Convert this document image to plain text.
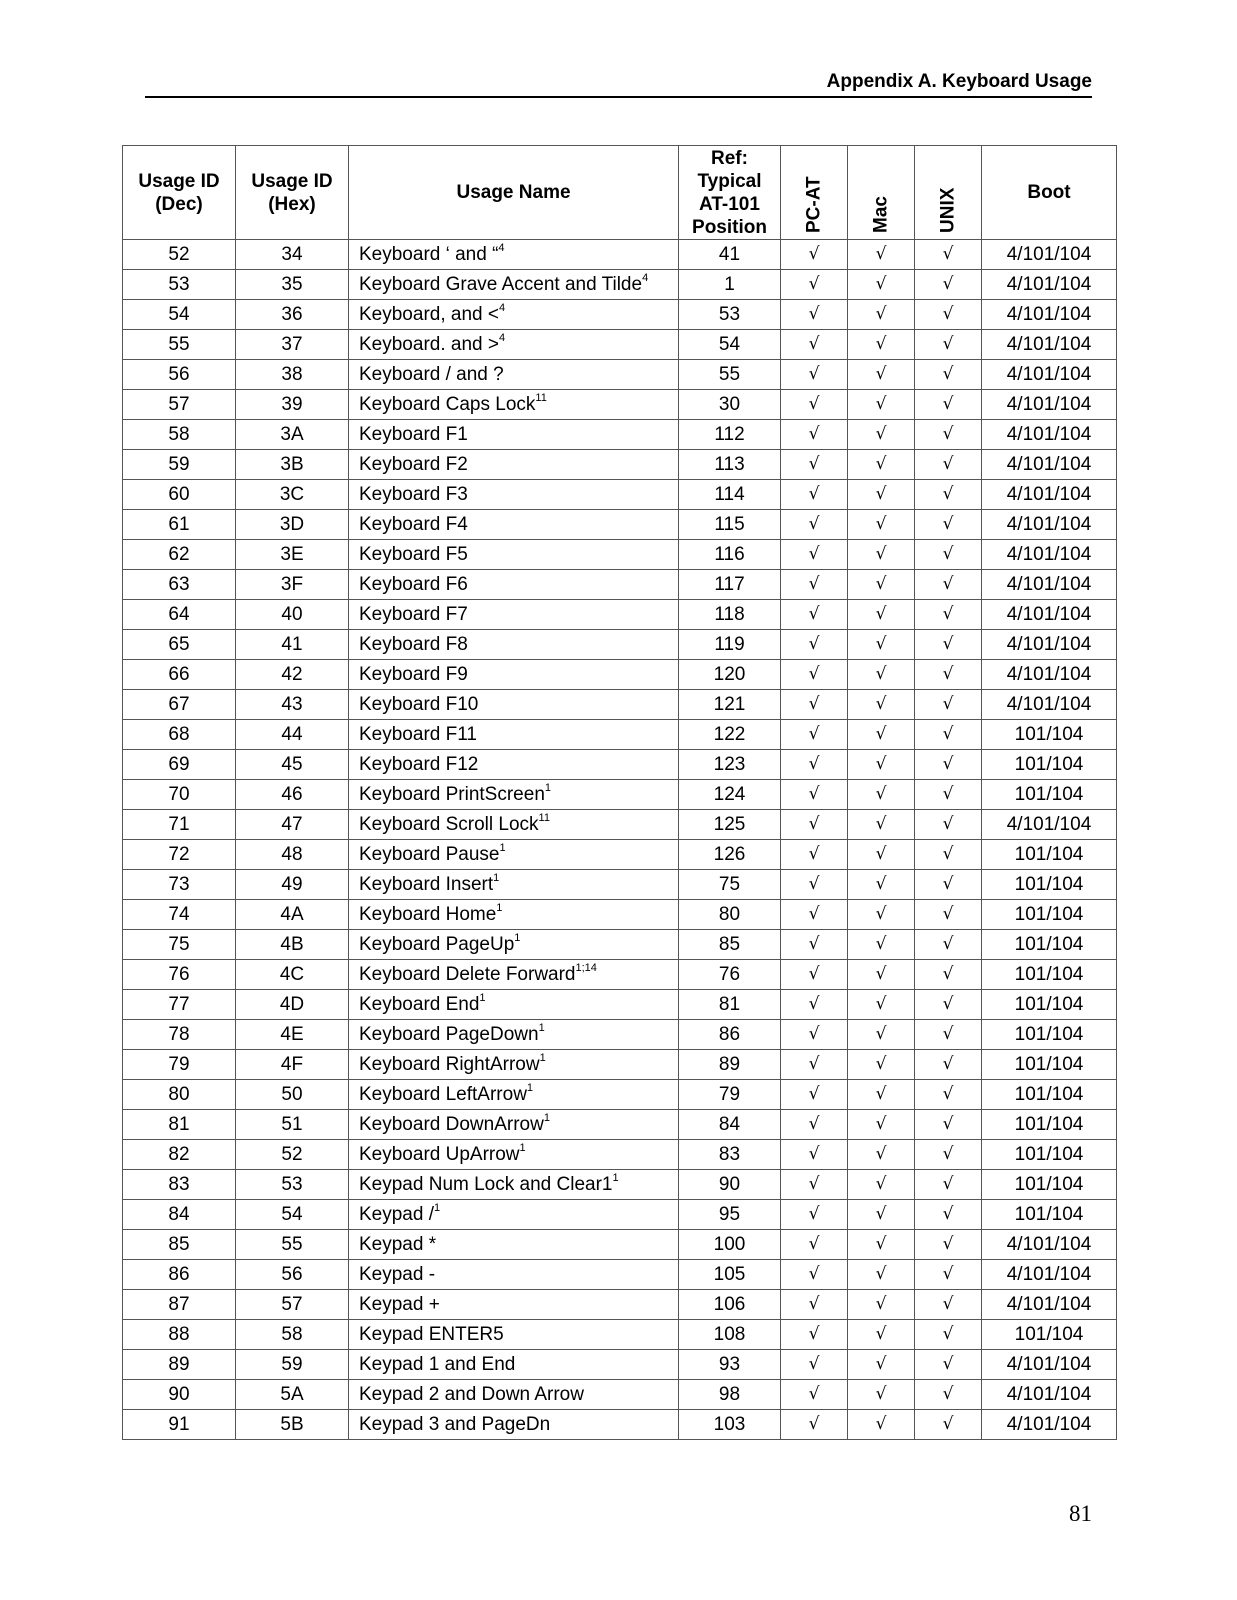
Appendix A. Keyboard Usage
Usage ID
(Dec)	Usage ID
(Hex)	Usage Name	Ref:
Typical
AT-101
Position	PC-AT	Mac	UNIX	Boot
52	34	Keyboard ‘ and “$^4$	41	√	√	√	4/101/104
53	35	Keyboard Grave Accent and Tilde$^4$	1	√	√	√	4/101/104
54	36	Keyboard, and <$^4$	53	√	√	√	4/101/104
55	37	Keyboard. and >$^4$	54	√	√	√	4/101/104
56	38	Keyboard / and ?	55	√	√	√	4/101/104
57	39	Keyboard Caps Lock$^{11}$	30	√	√	√	4/101/104
58	3A	Keyboard F1	112	√	√	√	4/101/104
59	3B	Keyboard F2	113	√	√	√	4/101/104
60	3C	Keyboard F3	114	√	√	√	4/101/104
61	3D	Keyboard F4	115	√	√	√	4/101/104
62	3E	Keyboard F5	116	√	√	√	4/101/104
63	3F	Keyboard F6	117	√	√	√	4/101/104
64	40	Keyboard F7	118	√	√	√	4/101/104
65	41	Keyboard F8	119	√	√	√	4/101/104
66	42	Keyboard F9	120	√	√	√	4/101/104
67	43	Keyboard F10	121	√	√	√	4/101/104
68	44	Keyboard F11	122	√	√	√	101/104
69	45	Keyboard F12	123	√	√	√	101/104
70	46	Keyboard PrintScreen$^1$	124	√	√	√	101/104
71	47	Keyboard Scroll Lock$^{11}$	125	√	√	√	4/101/104
72	48	Keyboard Pause$^1$	126	√	√	√	101/104
73	49	Keyboard Insert$^1$	75	√	√	√	101/104
74	4A	Keyboard Home$^1$	80	√	√	√	101/104
75	4B	Keyboard PageUp$^1$	85	√	√	√	101/104
76	4C	Keyboard Delete Forward$^{1;14}$	76	√	√	√	101/104
77	4D	Keyboard End$^1$	81	√	√	√	101/104
78	4E	Keyboard PageDown$^1$	86	√	√	√	101/104
79	4F	Keyboard RightArrow$^1$	89	√	√	√	101/104
80	50	Keyboard LeftArrow$^1$	79	√	√	√	101/104
81	51	Keyboard DownArrow$^1$	84	√	√	√	101/104
82	52	Keyboard UpArrow$^1$	83	√	√	√	101/104
83	53	Keypad Num Lock and $Clear1^1$	90	√	√	√	101/104
84	54	Keypad /$^1$	95	√	√	√	101/104
85	55	Keypad *	100	√	√	√	4/101/104
86	56	Keypad -	105	√	√	√	4/101/104
87	57	Keypad +	106	√	√	√	4/101/104
88	58	Keypad ENTER5	108	√	√	√	101/104
89	59	Keypad 1 and End	93	√	√	√	4/101/104
90	5A	Keypad 2 and Down Arrow	98	√	√	√	4/101/104
91	5B	Keypad 3 and PageDn	103	√	√	√	4/101/104
81
